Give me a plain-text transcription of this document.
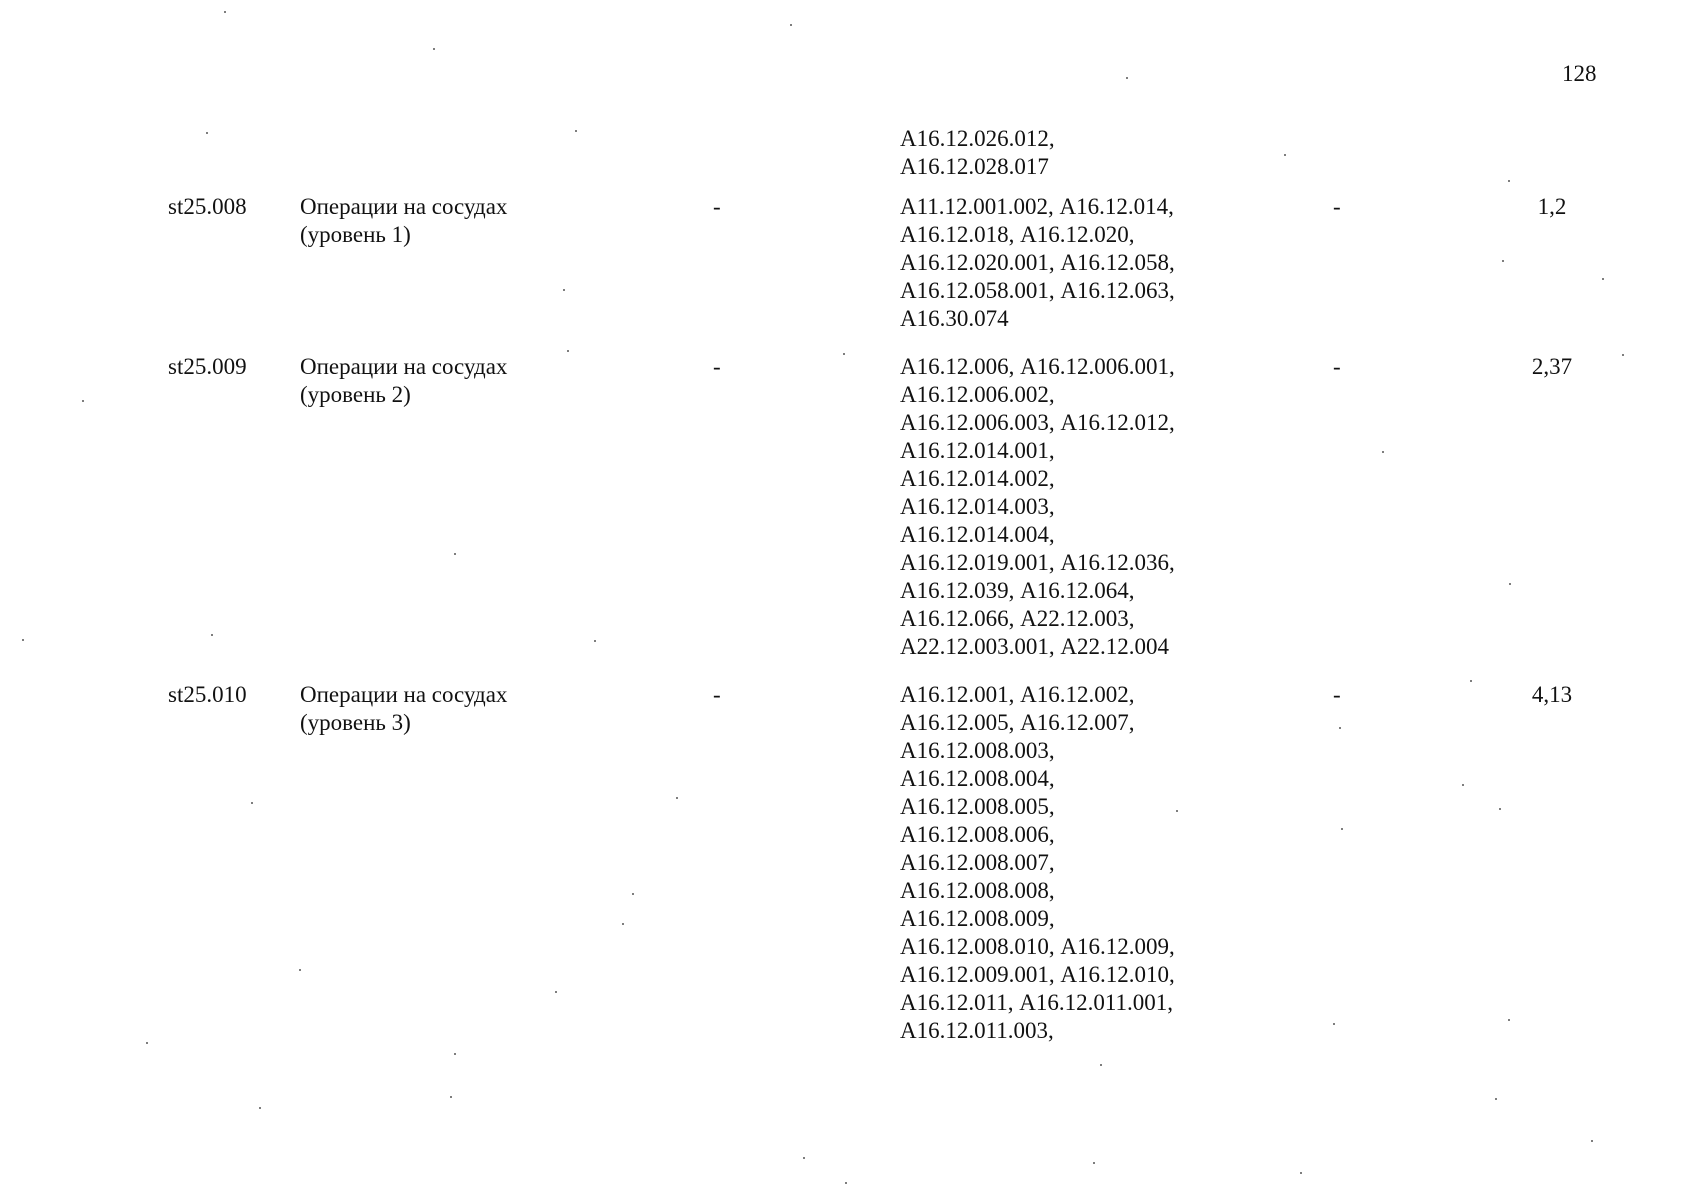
128
А16.12.026.012,
А16.12.028.017
st25.008 Операции на сосудах
(уровень 1)
-	А11.12.001.002, А16.12.014,
А16.12.018, А16.12.020,
А16.12.020.001, А16.12.058,
А16.12.058.001, А16.12.063,
А16.30.074
-	1,2
st25.009 Операции на сосудах
(уровень 2)
-	А16.12.006, А16.12.006.001,
А16.12.006.002,
А16.12.006.003, А16.12.012,
А16.12.014.001,
А16.12.014.002,
А16.12.014.003,
А16.12.014.004,
А16.12.019.001, А16.12.036,
А16.12.039, А16.12.064,
А16.12.066, А22.12.003,
А22.12.003.001, А22.12.004
-	2,37
st25.010 Операции на сосудах
(уровень 3)
-	А16.12.001, А16.12.002,
А16.12.005, А16.12.007,
А16.12.008.003,
А16.12.008.004,
А16.12.008.005,
А16.12.008.006,
А16.12.008.007,
А16.12.008.008,
А16.12.008.009,
А16.12.008.010, А16.12.009,
А16.12.009.001, А16.12.010,
А16.12.011, А16.12.011.001,
А16.12.011.003,
-	4,13
